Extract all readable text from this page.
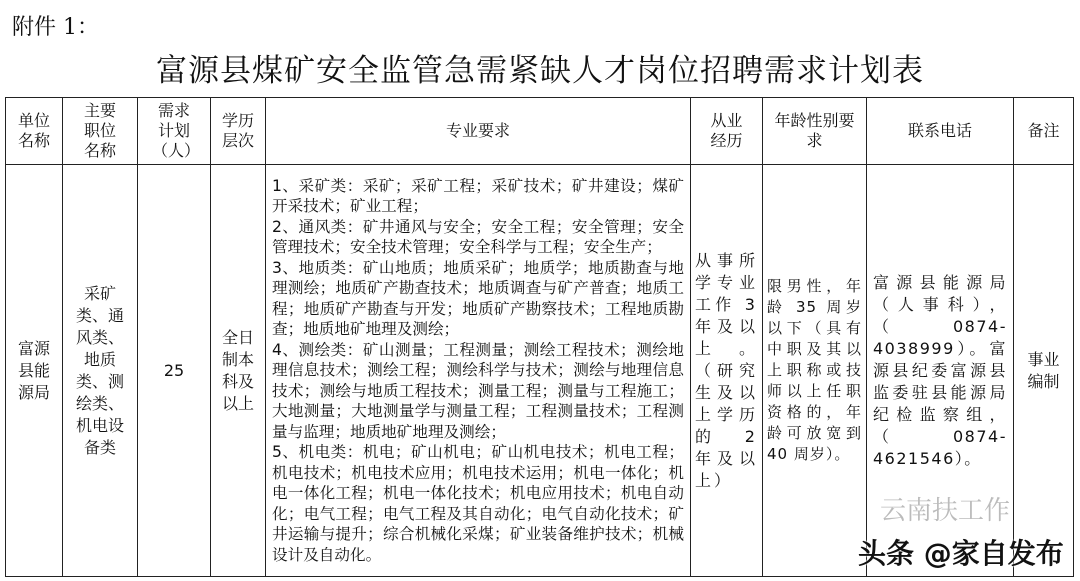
附件 1：
富源县煤矿安全监管急需紧缺人才岗位招聘需求计划表
单位名称	主要职位名称	需求计划（人）	学历层次	专业要求	从业经历	年龄性别要求	联系电话	备注
富源县能源局	采矿类、通风类、地质类、测绘类、机电设备类	25	全日制本科及以上	1、采矿类：采矿；采矿工程；采矿技术；矿井建设；煤矿开采技术；矿业工程；

2、通风类：矿井通风与安全；安全工程；安全管理；安全管理技术；安全技术管理；安全科学与工程；安全生产；

3、地质类：矿山地质；地质采矿；地质学；地质勘查与地理测绘；地质矿产勘查技术；地质调查与矿产普查；地质工程；地质矿产勘查与开发；地质矿产勘察技术；工程地质勘查；地质地矿地理及测绘；

4、测绘类：矿山测量；工程测量；测绘工程技术；测绘地理信息技术；测绘工程；测绘科学与技术；测绘与地理信息技术；测绘与地质工程技术；测量工程；测量与工程施工；大地测量；大地测量学与测量工程；工程测量技术；工程测量与监理；地质地矿地理及测绘；

5、机电类：机电；矿山机电；矿山机电技术；机电工程；机电技术；机电技术应用；机电技术运用；机电一体化；机电一体化工程；机电一体化技术；机电应用技术；机电自动化；电气工程；电气工程及其自动化；电气自动化技术；矿井运输与提升；综合机械化采煤；矿业装备维护技术；机械设计及自动化。	从事所学专业工作 3 年及以上。（研究生及以上学历的 2 年及以上）	限男性，年龄 35 周岁以下（具有中职及其以上职称或技师以上任职资格的，年龄可放宽到 40 周岁）。	富源县能源局（人事科），（0874-4038999）。富源县纪委富源县监委驻县能源局纪检监察组，（0874-4621546）。	事业编制
云南扶工作
头条 @家自发布
